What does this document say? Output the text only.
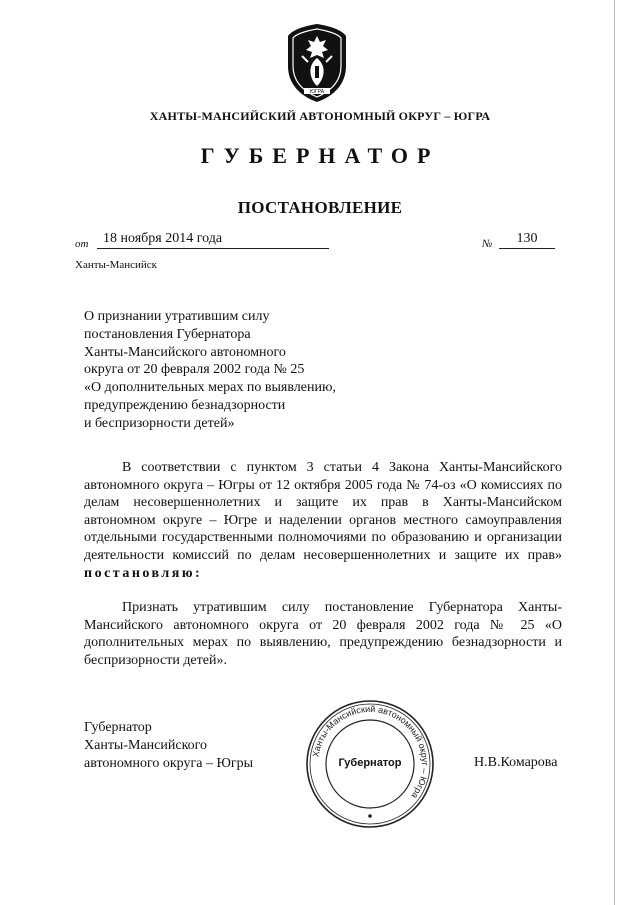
ЮГРА
ХАНТЫ-МАНСИЙСКИЙ АВТОНОМНЫЙ ОКРУГ – ЮГРА
ГУБЕРНАТОР
ПОСТАНОВЛЕНИЕ
от	18 ноября 2014 года	№	130
Ханты-Мансийск
О признании утратившим силу
постановления Губернатора
Ханты-Мансийского автономного
округа от 20 февраля 2002 года № 25
«О дополнительных мерах по выявлению,
предупреждению безнадзорности
и беспризорности детей»
В соответствии с пунктом 3 статьи 4 Закона Ханты-Мансийского автономного округа – Югры от 12 октября 2005 года № 74-оз «О комиссиях по делам несовершеннолетних и защите их прав в Ханты-Мансийском автономном округе – Югре и наделении органов местного самоуправления отдельными государственными полномочиями по образованию и организации деятельности комиссий по делам несовершеннолетних и защите их прав» постановляю:
Признать утратившим силу постановление Губернатора Ханты-Мансийского автономного округа от 20 февраля 2002 года № 25 «О дополнительных мерах по выявлению, предупреждению безнадзорности и беспризорности детей».
Губернатор
Ханты-Мансийского
автономного округа – Югры
Ханты-Мансийский автономный округ – Югра
Губернатор	Н.В.Комарова
